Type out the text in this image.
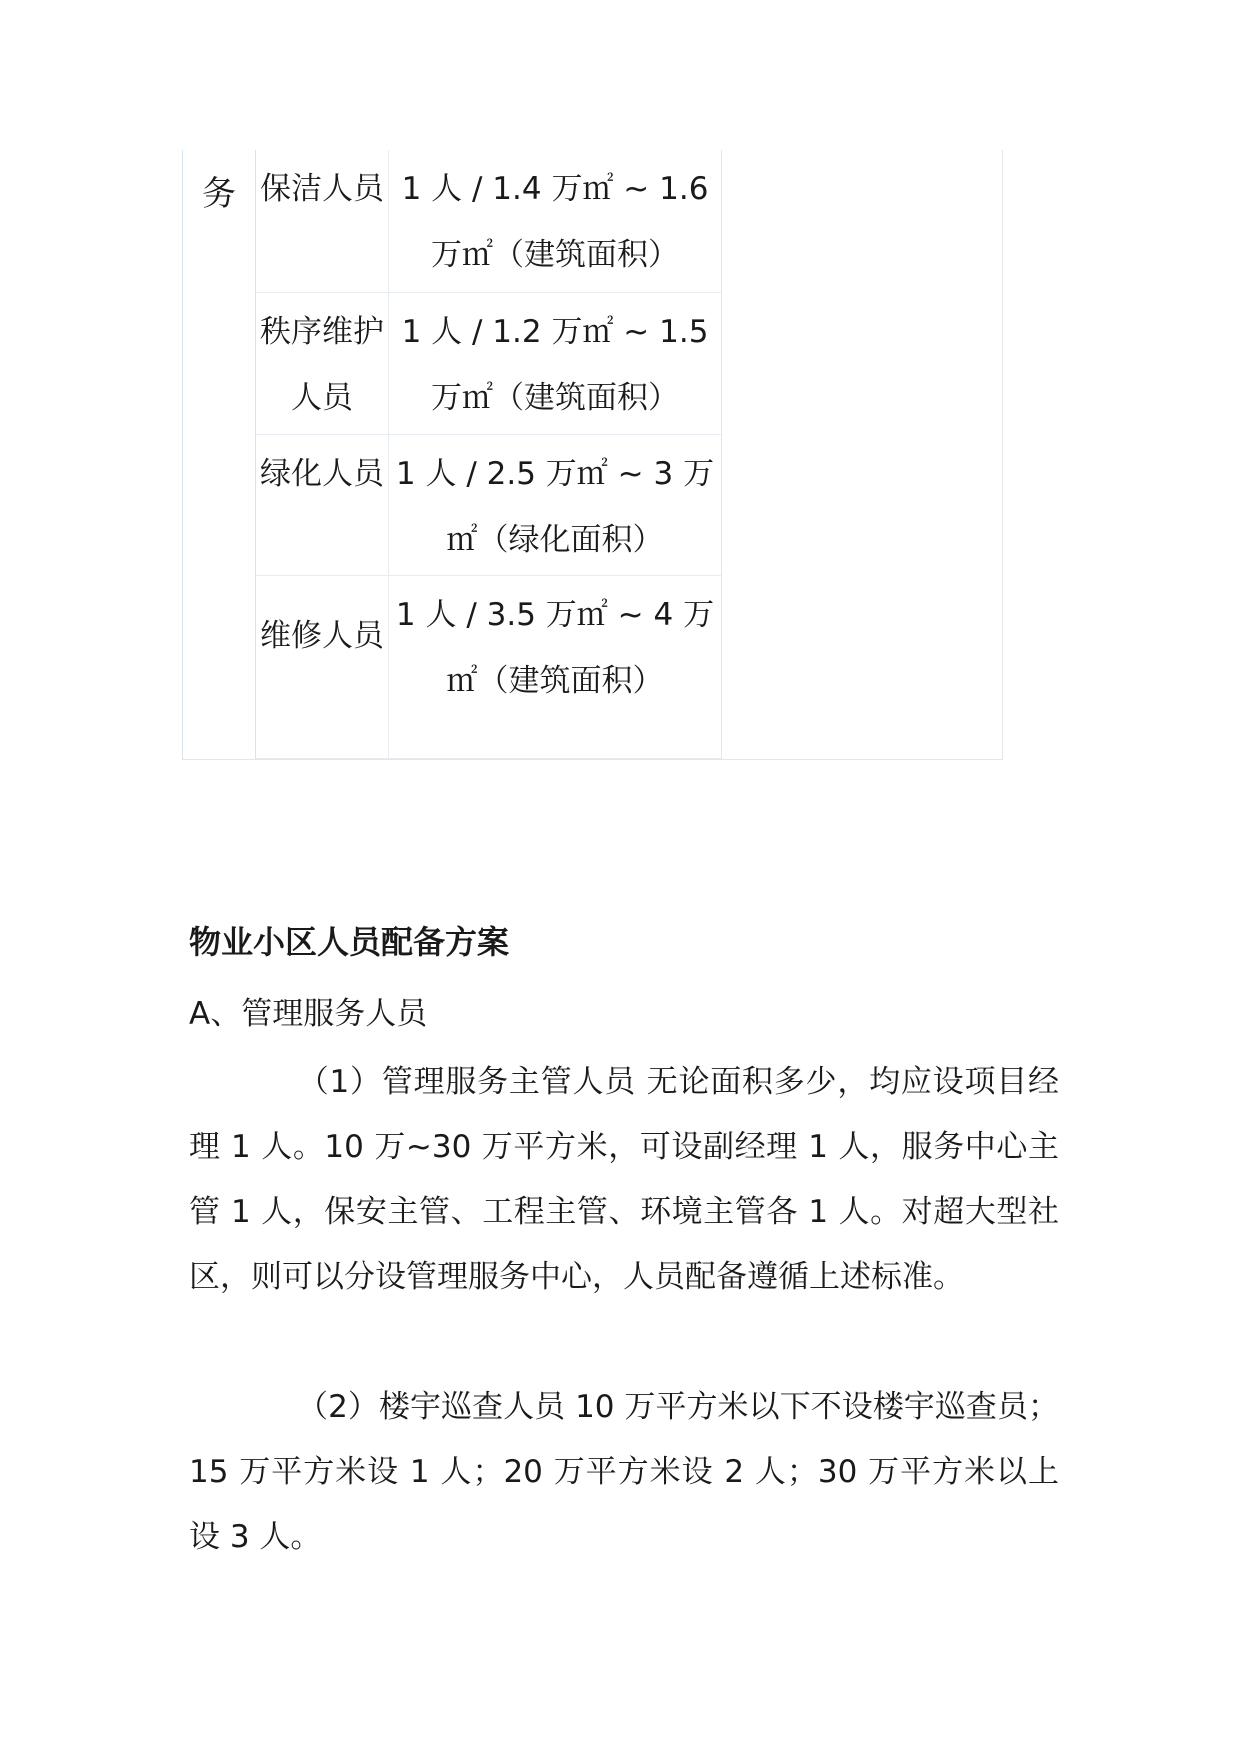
务 保洁人员 1 人 / 1.4 万㎡ ~ 1.6 万㎡（建筑面积）
秩序维护人员
1 人 / 1.2 万㎡ ~ 1.5 万㎡（建筑面积）
绿化人员 1 人 / 2.5 万㎡ ~ 3 万㎡（绿化面积）
维修人员
1 人 / 3.5 万㎡ ~ 4 万㎡（建筑面积）
物业小区人员配备方案

A、管理服务人员

（1）管理服务主管人员 无论面积多少，均应设项目经理 1 人。10 万~30 万平方米，可设副经理 1 人，服务中心主管 1 人，保安主管、工程主管、环境主管各 1 人。对超大型社区，则可以分设管理服务中心，人员配备遵循上述标准。

（2）楼宇巡查人员 10 万平方米以下不设楼宇巡查员；15 万平方米设 1 人；20 万平方米设 2 人；30 万平方米以上设 3 人。
